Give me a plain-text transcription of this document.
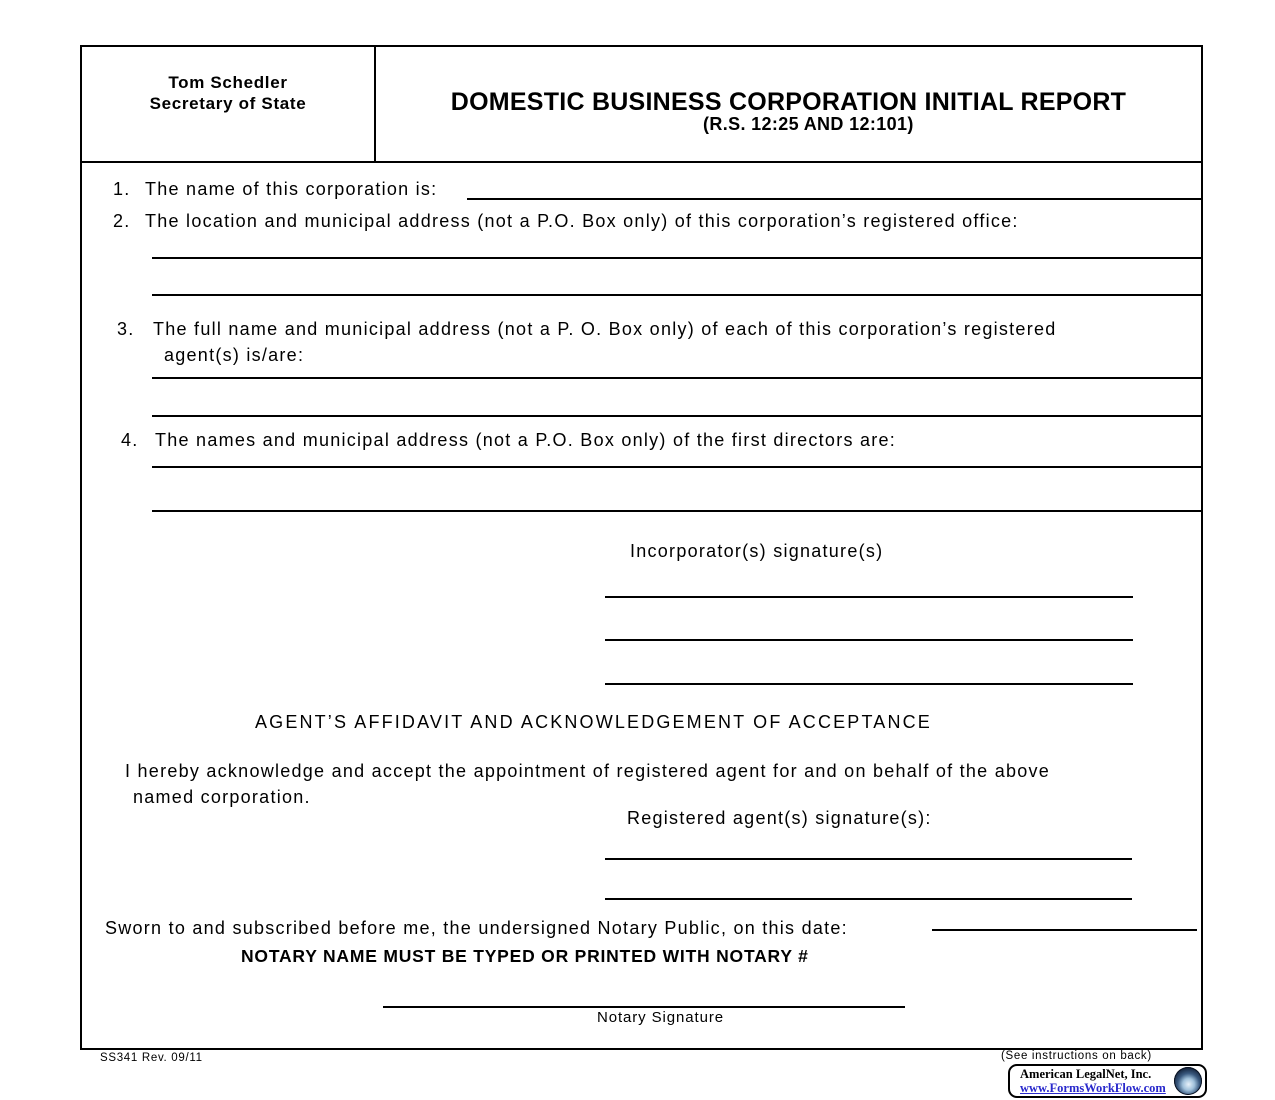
Tom Schedler
Secretary of State	DOMESTIC BUSINESS CORPORATION INITIAL REPORT
(R.S. 12:25 AND 12:101)
1. The name of this corporation is:
2. The location and municipal address (not a P.O. Box only) of this corporation’s registered office:
3. The full name and municipal address (not a P. O. Box only) of each of this corporation’s registered
agent(s) is/are:
4. The names and municipal address (not a P.O. Box only) of the first directors are:
Incorporator(s) signature(s)
AGENT’S AFFIDAVIT AND ACKNOWLEDGEMENT OF ACCEPTANCE
I hereby acknowledge and accept the appointment of registered agent for and on behalf of the above
named corporation.
Registered agent(s) signature(s):
Sworn to and subscribed before me, the undersigned Notary Public, on this date:
NOTARY NAME MUST BE TYPED OR PRINTED WITH NOTARY #
Notary Signature
SS341 Rev. 09/11	(See instructions on back)
American LegalNet, Inc.
www.FormsWorkFlow.com
